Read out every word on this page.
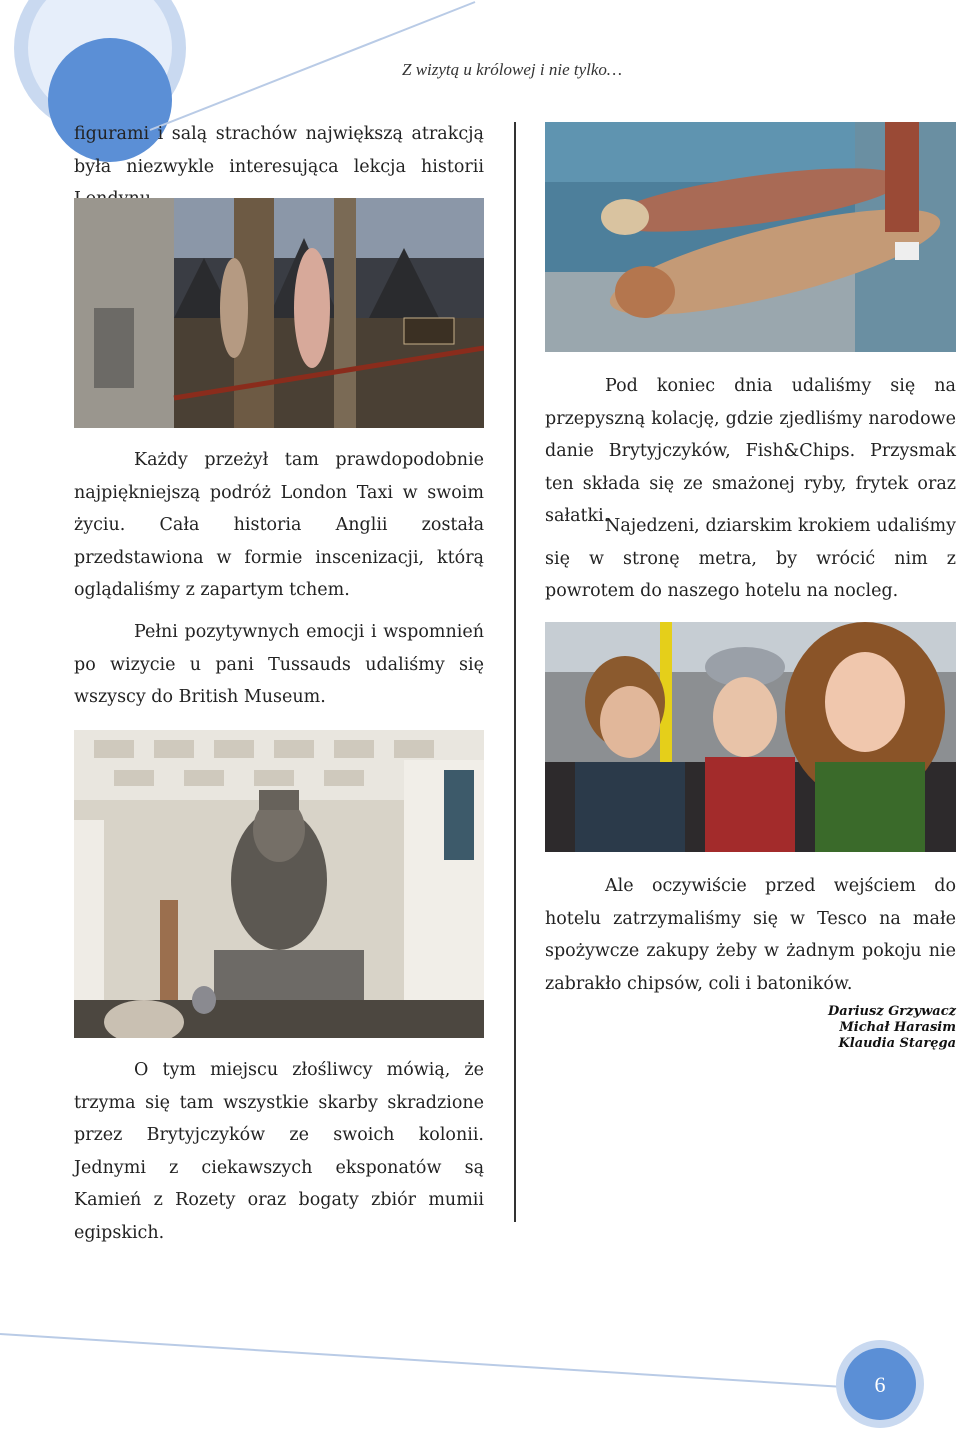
Z wizytą u królowej i nie tylko…

figurami i salą strachów największą atrakcją była niezwykle interesująca lekcja historii

Każdy przeżył tam prawdopodobnie najpiękniejszą podróż London Taxi w swoim życiu. Cała historia Anglii została przedstawiona w formie inscenizacji, którą oglądaliśmy z zapartym tchem.

Pełni pozytywnych emocji i wspomnień po wizycie u pani Tussauds udaliśmy się wszyscy do British Museum.

O tym miejscu złośliwcy mówią, że trzyma się tam wszystkie skarby skradzione przez Brytyjczyków ze swoich kolonii. Jednymi z ciekawszych eksponatów są Kamień z Rozety oraz bogaty zbiór mumii egipskich.

Pod koniec dnia udaliśmy się na przepyszną kolację, gdzie zjedliśmy narodowe danie Brytyjczyków, Fish&Chips. Przysmak ten składa się ze smażonej ryby, frytek oraz sałatki.

Najedzeni, dziarskim krokiem udaliśmy się w stronę metra, by wrócić nim z powrotem do naszego hotelu na nocleg.

Ale oczywiście przed wejściem do hotelu zatrzymaliśmy się w Tesco na małe spożywcze zakupy żeby w żadnym pokoju nie zabrakło chipsów, coli i batoników.

Dariusz Grzywacz
Michał Harasim
Klaudia Staręga
6
